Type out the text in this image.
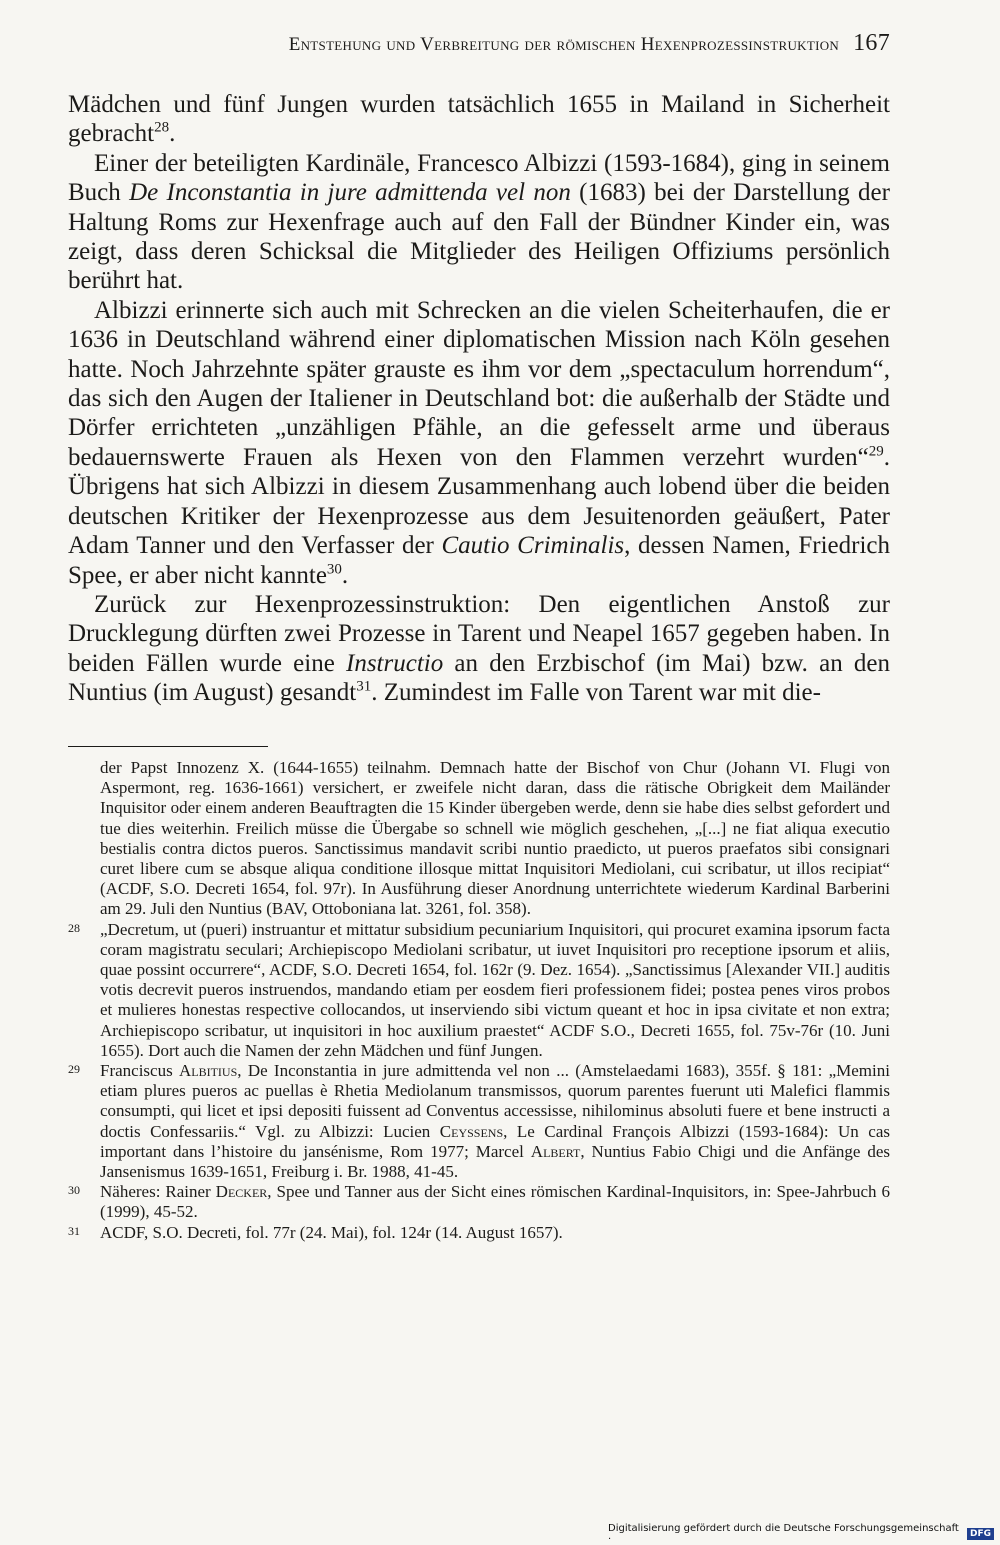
Entstehung und Verbreitung der römischen Hexenprozessinstruktion 167

Mädchen und fünf Jungen wurden tatsächlich 1655 in Mailand in Sicherheit gebracht$^{28}$.

Einer der beteiligten Kardinäle, Francesco Albizzi (1593-1684), ging in seinem Buch De Inconstantia in jure admittenda vel non (1683) bei der Darstellung der Haltung Roms zur Hexenfrage auch auf den Fall der Bündner Kinder ein, was zeigt, dass deren Schicksal die Mitglieder des Heiligen Offiziums persönlich berührt hat.

Albizzi erinnerte sich auch mit Schrecken an die vielen Scheiterhaufen, die er 1636 in Deutschland während einer diplomatischen Mission nach Köln gesehen hatte. Noch Jahrzehnte später grauste es ihm vor dem „spectaculum horrendum“, das sich den Augen der Italiener in Deutschland bot: die außerhalb der Städte und Dörfer errichteten „unzähligen Pfähle, an die gefesselt arme und überaus bedauernswerte Frauen als Hexen von den Flammen verzehrt wurden“$^{29}$. Übrigens hat sich Albizzi in diesem Zusammenhang auch lobend über die beiden deutschen Kritiker der Hexenprozesse aus dem Jesuitenorden geäußert, Pater Adam Tanner und den Verfasser der Cautio Criminalis, dessen Namen, Friedrich Spee, er aber nicht kannte$^{30}$.

Zurück zur Hexenprozessinstruktion: Den eigentlichen Anstoß zur Drucklegung dürften zwei Prozesse in Tarent und Neapel 1657 gegeben haben. In beiden Fällen wurde eine Instructio an den Erzbischof (im Mai) bzw. an den Nuntius (im August) gesandt$^{31}$. Zumindest im Falle von Tarent war mit die-

der Papst Innozenz X. (1644-1655) teilnahm. Demnach hatte der Bischof von Chur (Johann VI. Flugi von Aspermont, reg. 1636-1661) versichert, er zweifele nicht daran, dass die rätische Obrigkeit dem Mailänder Inquisitor oder einem anderen Beauftragten die 15 Kinder übergeben werde, denn sie habe dies selbst gefordert und tue dies weiterhin. Freilich müsse die Übergabe so schnell wie möglich geschehen, „[...] ne fiat aliqua executio bestialis contra dictos pueros. Sanctissimus mandavit scribi nuntio praedicto, ut pueros praefatos sibi consignari curet libere cum se absque aliqua conditione illosque mittat Inquisitori Mediolani, cui scribatur, ut illos recipiat“ (ACDF, S.O. Decreti 1654, fol. 97r). In Ausführung dieser Anordnung unterrichtete wiederum Kardinal Barberini am 29. Juli den Nuntius (BAV, Ottoboniana lat. 3261, fol. 358).

28 „Decretum, ut (pueri) instruantur et mittatur subsidium pecuniarium Inquisitori, qui procuret examina ipsorum facta coram magistratu seculari; Archiepiscopo Mediolani scribatur, ut iuvet Inquisitori pro receptione ipsorum et aliis, quae possint occurrere“, ACDF, S.O. Decreti 1654, fol. 162r (9. Dez. 1654). „Sanctissimus [Alexander VII.] auditis votis decrevit pueros instruendos, mandando etiam per eosdem fieri professionem fidei; postea penes viros probos et mulieres honestas respective collocandos, ut inserviendo sibi victum queant et hoc in ipsa civitate et non extra; Archiepiscopo scribatur, ut inquisitori in hoc auxilium praestet“ ACDF S.O., Decreti 1655, fol. 75v-76r (10. Juni 1655). Dort auch die Namen der zehn Mädchen und fünf Jungen.

29 Franciscus Albitius, De Inconstantia in jure admittenda vel non ... (Amstelaedami 1683), 355f. § 181: „Memini etiam plures pueros ac puellas è Rhetia Mediolanum transmissos, quorum parentes fuerunt uti Malefici flammis consumpti, qui licet et ipsi depositi fuissent ad Conventus accessisse, nihilominus absoluti fuere et bene instructi a doctis Confessariis.“ Vgl. zu Albizzi: Lucien Ceyssens, Le Cardinal François Albizzi (1593-1684): Un cas important dans l’histoire du jansénisme, Rom 1977; Marcel Albert, Nuntius Fabio Chigi und die Anfänge des Jansenismus 1639-1651, Freiburg i. Br. 1988, 41-45.

30 Näheres: Rainer Decker, Spee und Tanner aus der Sicht eines römischen Kardinal-Inquisitors, in: Spee-Jahrbuch 6 (1999), 45-52.

31 ACDF, S.O. Decreti, fol. 77r (24. Mai), fol. 124r (14. August 1657).

Digitalisierung gefördert durch die Deutsche Forschungsgemeinschaft ·	DFG
